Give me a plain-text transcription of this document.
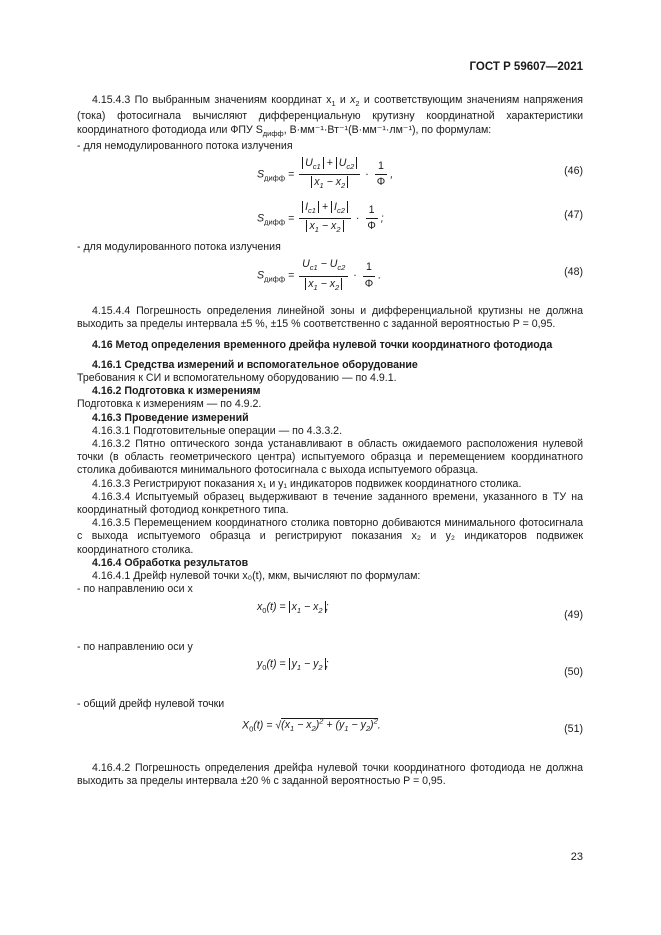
ГОСТ Р 59607—2021

4.15.4.3 По выбранным значениям координат $x_1$ и $x_2$ и соответствующим значениям напряжения (тока) фотосигнала вычисляют дифференциальную крутизну координатной характеристики координатного фотодиода или ФПУ $S_{дифф}$, В·мм⁻¹·Вт⁻¹(В·мм⁻¹·лм⁻¹), по формулам:

- для немодулированного потока излучения

$S_{дифф} = \frac{U_{c1} + U_{c2}}{x_1 - x_2} \cdot \frac{1}{\Phi}$ ,	(46)
$S_{дифф} = \frac{I_{c1} + I_{c2}}{x_1 - x_2} \cdot \frac{1}{\Phi}$ ;	(47)

- для модулированного потока излучения

$S_{дифф} = \frac{U_{c1} - U_{c2}}{x_1 - x_2} \cdot \frac{1}{\Phi}$ .	(48)

4.15.4.4 Погрешность определения линейной зоны и дифференциальной крутизны не должна выходить за пределы интервала ±5 %, ±15 % соответственно с заданной вероятностью P = 0,95.

4.16 Метод определения временного дрейфа нулевой точки координатного фотодиода

4.16.1 Средства измерений и вспомогательное оборудование

Требования к СИ и вспомогательному оборудованию — по 4.9.1.

4.16.2 Подготовка к измерениям

Подготовка к измерениям — по 4.9.2.

4.16.3 Проведение измерений

4.16.3.1 Подготовительные операции — по 4.3.3.2.

4.16.3.2 Пятно оптического зонда устанавливают в область ожидаемого расположения нулевой точки (в область геометрического центра) испытуемого образца и перемещением координатного столика добиваются минимального фотосигнала с выхода испытуемого образца.

4.16.3.3 Регистрируют показания x₁ и y₁ индикаторов подвижек координатного столика.

4.16.3.4 Испытуемый образец выдерживают в течение заданного времени, указанного в ТУ на координатный фотодиод конкретного типа.

4.16.3.5 Перемещением координатного столика повторно добиваются минимального фотосигнала с выхода испытуемого образца и регистрируют показания x₂ и y₂ индикаторов подвижек координатного столика.

4.16.4 Обработка результатов

4.16.4.1 Дрейф нулевой точки x₀(t), мкм, вычисляют по формулам:

- по направлению оси x

$x_0(t) = x_1 - x_2$ ;
(49)

- по направлению оси y

$y_0(t) = y_1 - y_2$ ;
(50)

- общий дрейф нулевой точки

$X_0(t) = √(x_1 - x_2)^2 + (y_1 - y_2)^2$.	(51)

4.16.4.2 Погрешность определения дрейфа нулевой точки координатного фотодиода не должна выходить за пределы интервала ±20 % с заданной вероятностью P = 0,95.

23
